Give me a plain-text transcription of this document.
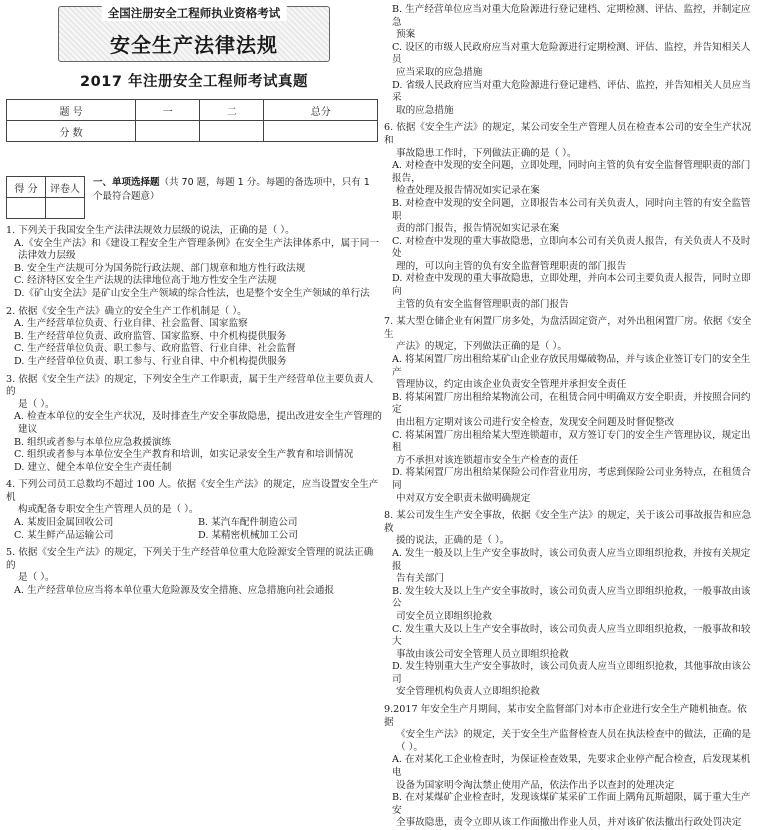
全国注册安全工程师执业资格考试
安全生产法律法规
2017 年注册安全工程师考试真题
题 号	一	二	总分
分 数			
得 分	评卷人

一、单项选择题（共 70 题，每题 1 分。每题的备选项中，只有 1 个最符合题意）

1. 下列关于我国安全生产法律法规效力层级的说法，正确的是（ ）。

A.《安全生产法》和《建设工程安全生产管理条例》在安全生产法律体系中，属于同一

法律效力层级

B. 安全生产法规可分为国务院行政法规、部门规章和地方性行政法规

C. 经济特区安全生产法规的法律地位高于地方性安全生产法规

D.《矿山安全法》是矿山安全生产领域的综合性法，也是整个安全生产领域的单行法

2. 依据《安全生产法》确立的安全生产工作机制是（ ）。

A. 生产经营单位负责、行业自律、社会监督、国家监察

B. 生产经营单位负责、政府监管、国家监察、中介机构提供服务

C. 生产经营单位负责、职工参与、政府监管、行业自律、社会监督

D. 生产经营单位负责、职工参与、行业自律、中介机构提供服务

3. 依据《安全生产法》的规定，下列安全生产工作职责，属于生产经营单位主要负责人的

是（ ）。

A. 检查本单位的安全生产状况，及时排查生产安全事故隐患，提出改进安全生产管理的

建议

B. 组织或者参与本单位应急救援演练

C. 组织或者参与本单位安全生产教育和培训，如实记录安全生产教育和培训情况

D. 建立、健全本单位安全生产责任制

4. 下列公司员工总数均不超过 100 人。依据《安全生产法》的规定，应当设置安全生产机

构或配备专职安全生产管理人员的是（ ）。

A. 某废旧金属回收公司	B. 某汽车配件制造公司

C. 某生鲜产品运输公司	D. 某精密机械加工公司

5. 依据《安全生产法》的规定，下列关于生产经营单位重大危险源安全管理的说法正确的

是（ ）。

A. 生产经营单位应当将本单位重大危险源及安全措施、应急措施向社会通报

B. 生产经营单位应当对重大危险源进行登记建档、定期检测、评估、监控，并制定应急

预案

C. 设区的市级人民政府应当对重大危险源进行定期检测、评估、监控，并告知相关人员

应当采取的应急措施

D. 省级人民政府应当对重大危险源进行登记建档、评估、监控，并告知相关人员应当采

取的应急措施

6. 依据《安全生产法》的规定，某公司安全生产管理人员在检查本公司的安全生产状况和

事故隐患工作时，下列做法正确的是（ ）。

A. 对检查中发现的安全问题，立即处理，同时向主管的负有安全监督管理职责的部门报告，

检查处理及报告情况如实记录在案

B. 对检查中发现的安全问题，立即报告本公司有关负责人，同时向主管的有安全监管职

责的部门报告，报告情况如实记录在案

C. 对检查中发现的重大事故隐患，立即向本公司有关负责人报告，有关负责人不及时处

理的，可以向主管的负有安全监督管理职责的部门报告

D. 对检查中发现的重大事故隐患，立即处理，并向本公司主要负责人报告，同时立即向

主管的负有安全监督管理职责的部门报告

7. 某大型仓储企业有闲置厂房多处，为盘活固定资产，对外出租闲置厂房。依据《安全生

产法》的规定，下列做法正确的是（ ）。

A. 将某闲置厂房出租给某矿山企业存放民用爆破物品，并与该企业签订专门的安全生产

管理协议，约定由该企业负责安全管理并承担安全责任

B. 将某闲置厂房出租给某物流公司，在租赁合同中明确双方安全职责，并按照合同约定

由出租方定期对该公司进行安全检查，发现安全问题及时督促整改

C. 将某闲置厂房出租给某大型连锁超市，双方签订专门的安全生产管理协议，规定出租

方不承担对该连锁超市安全生产检查的责任

D. 将某闲置厂房出租给某保险公司作营业用房，考虑到保险公司业务特点，在租赁合同

中对双方安全职责未做明确规定

8. 某公司发生生产安全事故，依据《安全生产法》的规定，关于该公司事故报告和应急救

援的说法，正确的是（ ）。

A. 发生一般及以上生产安全事故时，该公司负责人应当立即组织抢救，并按有关规定报

告有关部门

B. 发生较大及以上生产安全事故时，该公司负责人应当立即组织抢救，一般事故由该公

司安全员立即组织抢救

C. 发生重大及以上生产安全事故时，该公司负责人应当立即组织抢救，一般事故和较大

事故由该公司安全管理人员立即组织抢救

D. 发生特别重大生产安全事故时，该公司负责人应当立即组织抢救，其他事故由该公司

安全管理机构负责人立即组织抢救

9.2017 年安全生产月期间，某市安全监督部门对本市企业进行安全生产随机抽查。依据

《安全生产法》的规定，关于安全生产监督检查人员在执法检查中的做法，正确的是（ ）。

A. 在对某化工企业检查时，为保证检查效果，先要求企业停产配合检查，后发现某机电

设备为国家明令淘汰禁止使用产品，依法作出予以查封的处理决定

B. 在对某煤矿企业检查时，发现该煤矿某采矿工作面上隅角瓦斯超限，属于重大生产安

全事故隐患，责令立即从该工作面撤出作业人员，并对该矿依法撤出行政处罚决定
